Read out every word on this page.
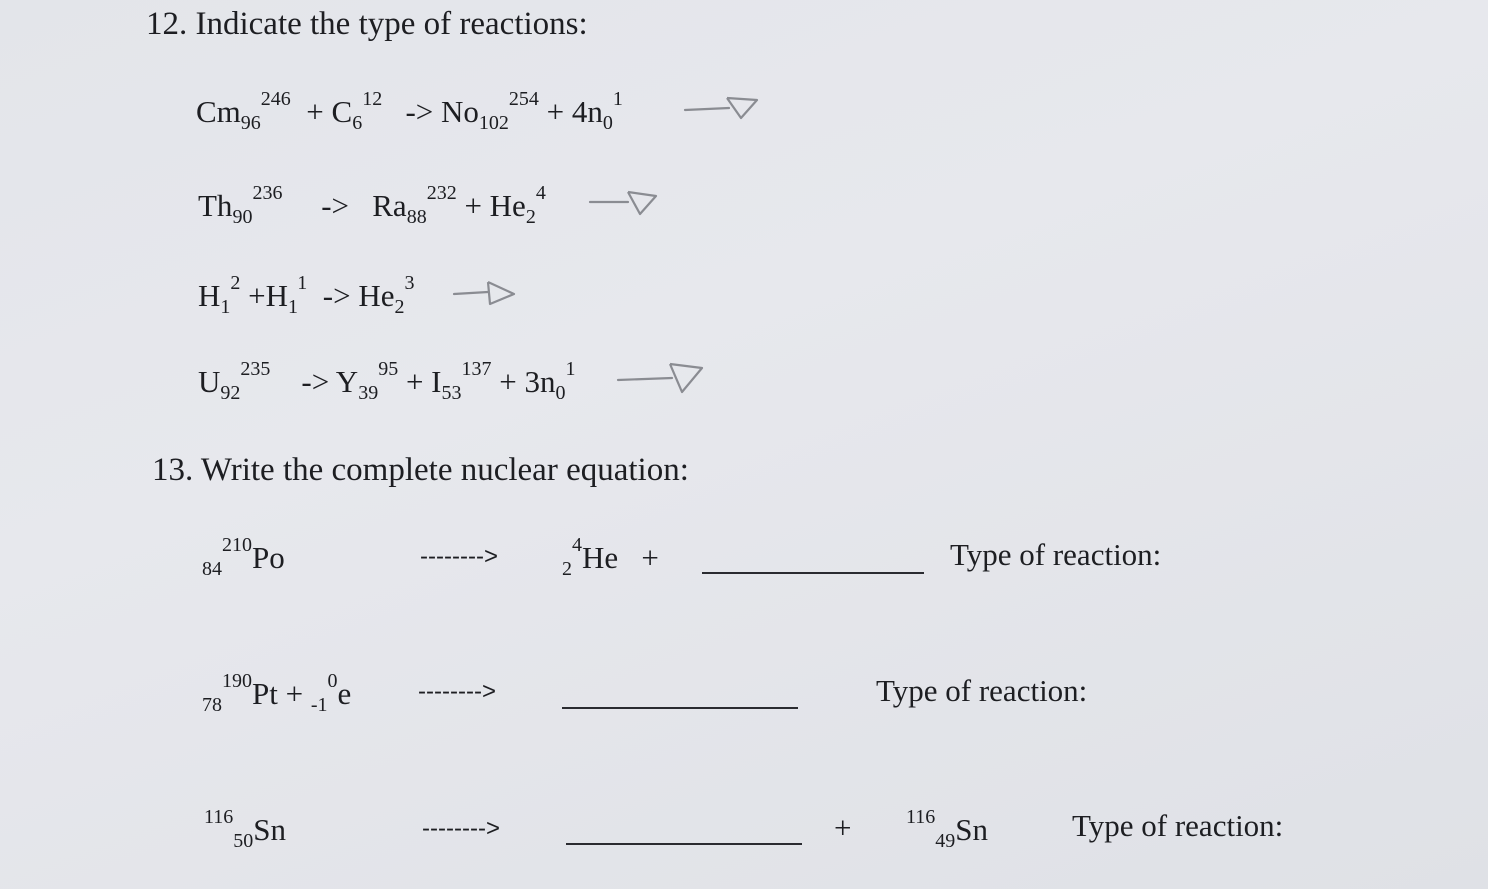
12. Indicate the type of reactions:
$Cm_{96}^{246} + C_6^{12} -> No_{102}^{254} + 4n_0^1$
$Th_{90}^{236} -> Ra_{88}^{232} + He_2^4$
$H_1^2 +H_1^1 -> He_2^3$
$U_{92}^{235} -> Y_{39}^{95} + I_{53}^{137} + 3n_0^1$
13. Write the complete nuclear equation:
$_{84}^{210}$Po	-------->	$_2^4$He +	Type of reaction:
$_{78}^{190}$Pt + $_{-1}^0$e	-------->	Type of reaction:
$^{116}_{50}$Sn	-------->	+	$^{116}_{49}$Sn	Type of reaction:
